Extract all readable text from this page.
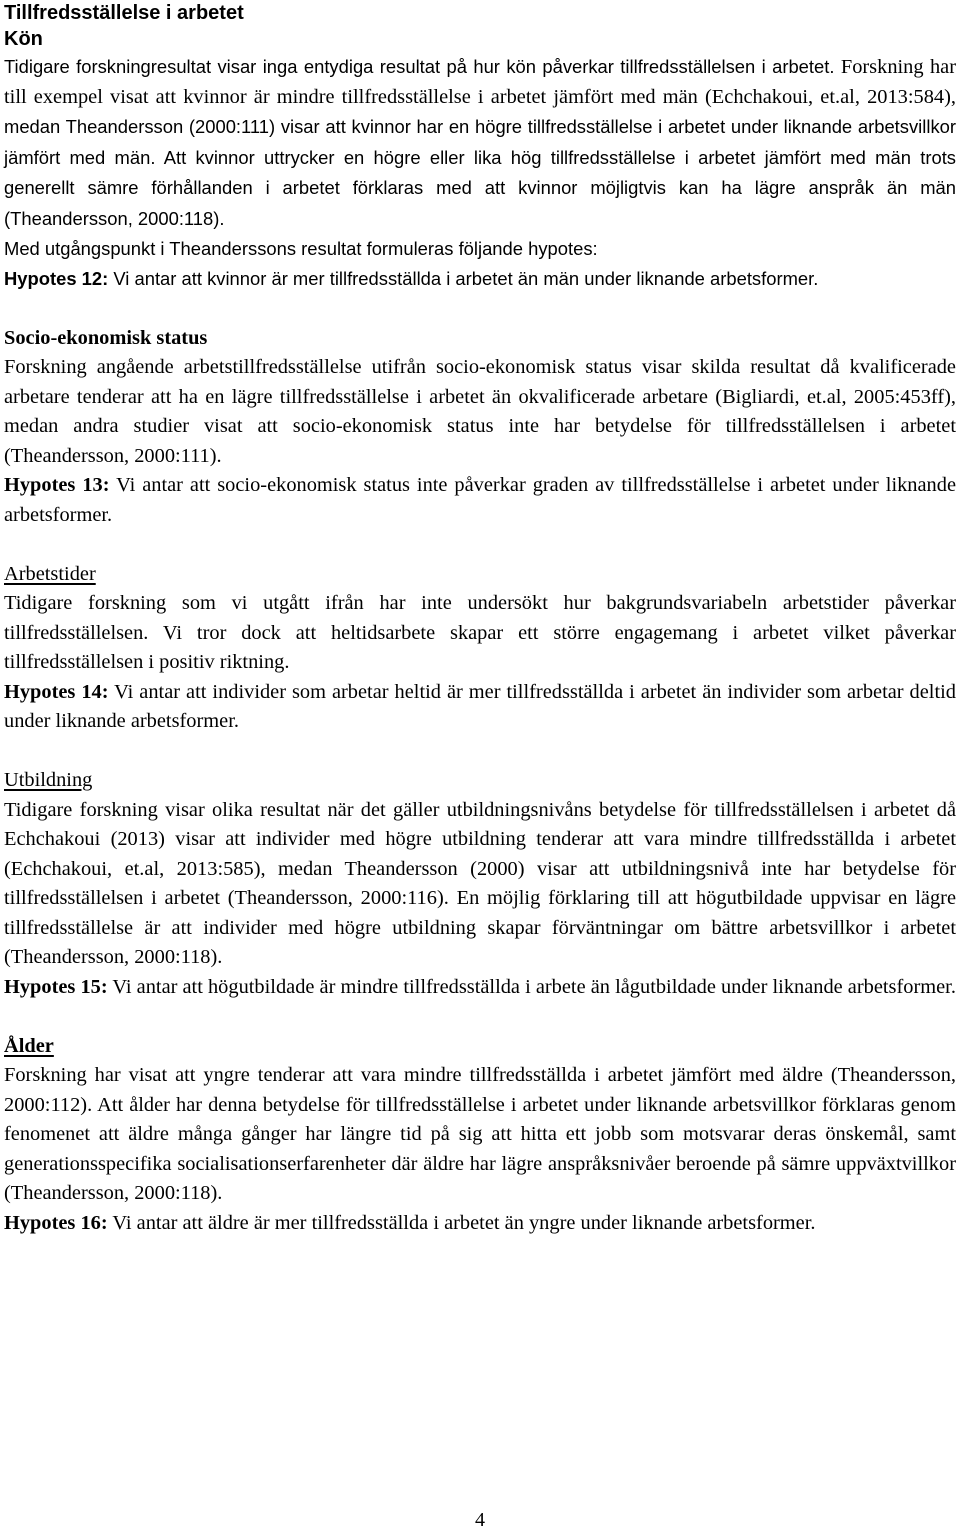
Tillfredsställelse i arbetet
Kön

Tidigare forskningresultat visar inga entydiga resultat på hur kön påverkar tillfredsställelsen i arbetet. Forskning har till exempel visat att kvinnor är mindre tillfredsställelse i arbetet jämfört med män (Echchakoui, et.al, 2013:584), medan Theandersson (2000:111) visar att kvinnor har en högre tillfredsställelse i arbetet under liknande arbetsvillkor jämfört med män. Att kvinnor uttrycker en högre eller lika hög tillfredsställelse i arbetet jämfört med män trots generellt sämre förhållanden i arbetet förklaras med att kvinnor möjligtvis kan ha lägre anspråk än män (Theandersson, 2000:118).

Med utgångspunkt i Theanderssons resultat formuleras följande hypotes:

Hypotes 12: Vi antar att kvinnor är mer tillfredsställda i arbetet än män under liknande arbetsformer.

Socio-ekonomisk status

Forskning angående arbetstillfredsställelse utifrån socio-ekonomisk status visar skilda resultat då kvalificerade arbetare tenderar att ha en lägre tillfredsställelse i arbetet än okvalificerade arbetare (Bigliardi, et.al, 2005:453ff), medan andra studier visat att socio-ekonomisk status inte har betydelse för tillfredsställelsen i arbetet (Theandersson, 2000:111).

Hypotes 13: Vi antar att socio-ekonomisk status inte påverkar graden av tillfredsställelse i arbetet under liknande arbetsformer.

Arbetstider

Tidigare forskning som vi utgått ifrån har inte undersökt hur bakgrundsvariabeln arbetstider påverkar tillfredsställelsen. Vi tror dock att heltidsarbete skapar ett större engagemang i arbetet vilket påverkar tillfredsställelsen i positiv riktning.

Hypotes 14: Vi antar att individer som arbetar heltid är mer tillfredsställda i arbetet än individer som arbetar deltid under liknande arbetsformer.

Utbildning

Tidigare forskning visar olika resultat när det gäller utbildningsnivåns betydelse för tillfredsställelsen i arbetet då Echchakoui (2013) visar att individer med högre utbildning tenderar att vara mindre tillfredsställda i arbetet (Echchakoui, et.al, 2013:585), medan Theandersson (2000) visar att utbildningsnivå inte har betydelse för tillfredsställelsen i arbetet (Theandersson, 2000:116). En möjlig förklaring till att högutbildade uppvisar en lägre tillfredsställelse är att individer med högre utbildning skapar förväntningar om bättre arbetsvillkor i arbetet (Theandersson, 2000:118).

Hypotes 15: Vi antar att högutbildade är mindre tillfredsställda i arbete än lågutbildade under liknande arbetsformer.

Ålder

Forskning har visat att yngre tenderar att vara mindre tillfredsställda i arbetet jämfört med äldre (Theandersson, 2000:112). Att ålder har denna betydelse för tillfredsställelse i arbetet under liknande arbetsvillkor förklaras genom fenomenet att äldre många gånger har längre tid på sig att hitta ett jobb som motsvarar deras önskemål, samt generationsspecifika socialisationserfarenheter där äldre har lägre anspråksnivåer beroende på sämre uppväxtvillkor (Theandersson, 2000:118).

Hypotes 16: Vi antar att äldre är mer tillfredsställda i arbetet än yngre under liknande arbetsformer.

4
